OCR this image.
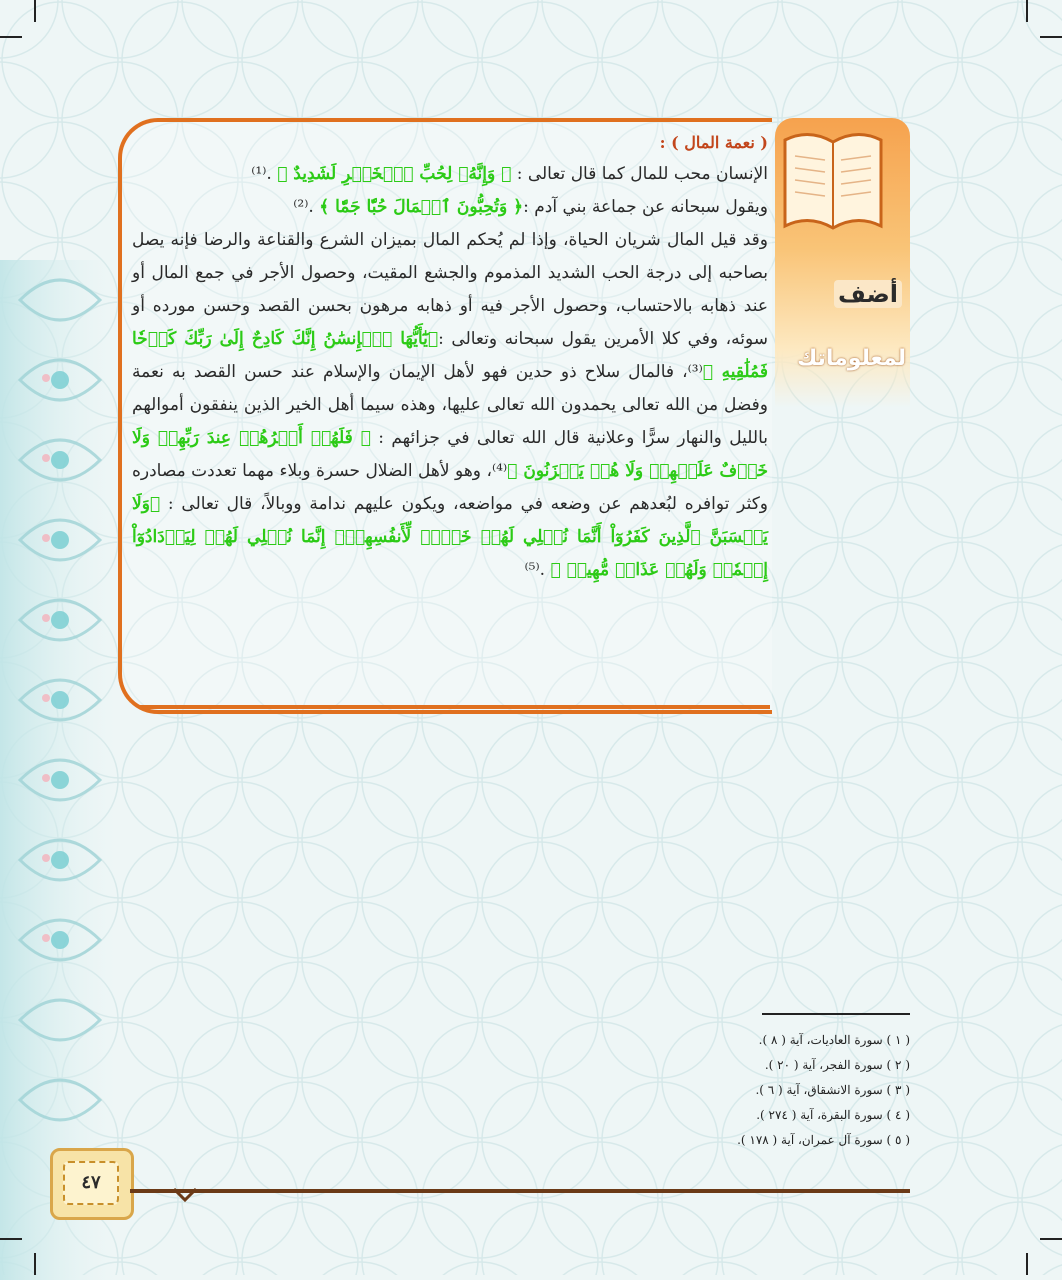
أضف
لمعلوماتك

( نعمة المال ) :

الإنسان محب للمال كما قال تعالى : ﴿ وَإِنَّهُۥ لِحُبِّ ٱلۡخَيۡرِ لَشَدِيدٌ ﴾ .⁽¹⁾

ويقول سبحانه عن جماعة بني آدم :﴿ وَتُحِبُّونَ ٱلۡمَالَ حُبّٗا جَمّٗا ﴾ .⁽²⁾

وقد قيل المال شريان الحياة، وإذا لم يُحكم المال بميزان الشرع والقناعة والرضا فإنه يصل بصاحبه إلى درجة الحب الشديد المذموم والجشع المقيت، وحصول الأجر في جمع المال أو عند ذهابه بالاحتساب، وحصول الأجر فيه أو ذهابه مرهون بحسن القصد وحسن مورده أو سوئه، وفي كلا الأمرين يقول سبحانه وتعالى :﴿يَٰٓأَيُّهَا ٱلۡإِنسَٰنُ إِنَّكَ كَادِحٌ إِلَىٰ رَبِّكَ كَدۡحٗا فَمُلَٰقِيهِ ﴾⁽³⁾، فالمال سلاح ذو حدين فهو لأهل الإيمان والإسلام عند حسن القصد به نعمة وفضل من الله تعالى يحمدون الله تعالى عليها، وهذه سيما أهل الخير الذين ينفقون أموالهم بالليل والنهار سرًّا وعلانية قال الله تعالى في جزائهم : ﴿ فَلَهُمۡ أَجۡرُهُمۡ عِندَ رَبِّهِمۡ وَلَا خَوۡفٌ عَلَيۡهِمۡ وَلَا هُمۡ يَحۡزَنُونَ ﴾⁽⁴⁾، وهو لأهل الضلال حسرة وبلاء مهما تعددت مصادره وكثر توافره لبُعدهم عن وضعه في مواضعه، ويكون عليهم ندامة ووبالاً، قال تعالى : ﴿وَلَا يَحۡسَبَنَّ ٱلَّذِينَ كَفَرُوٓاْ أَنَّمَا نُمۡلِي لَهُمۡ خَيۡرٞ لِّأَنفُسِهِمۡۚ إِنَّمَا نُمۡلِي لَهُمۡ لِيَزۡدَادُوٓاْ إِثۡمٗاۖ وَلَهُمۡ عَذَابٞ مُّهِينٞ ﴾ .⁽⁵⁾

( ١ ) سورة العاديات، آية ( ٨ ).
( ٢ ) سورة الفجر، آية ( ٢٠ ).
( ٣ ) سورة الانشقاق، آية ( ٦ ).
( ٤ ) سورة البقرة، آية ( ٢٧٤ ).
( ٥ ) سورة آل عمران، آية ( ١٧٨ ).
٤٧
